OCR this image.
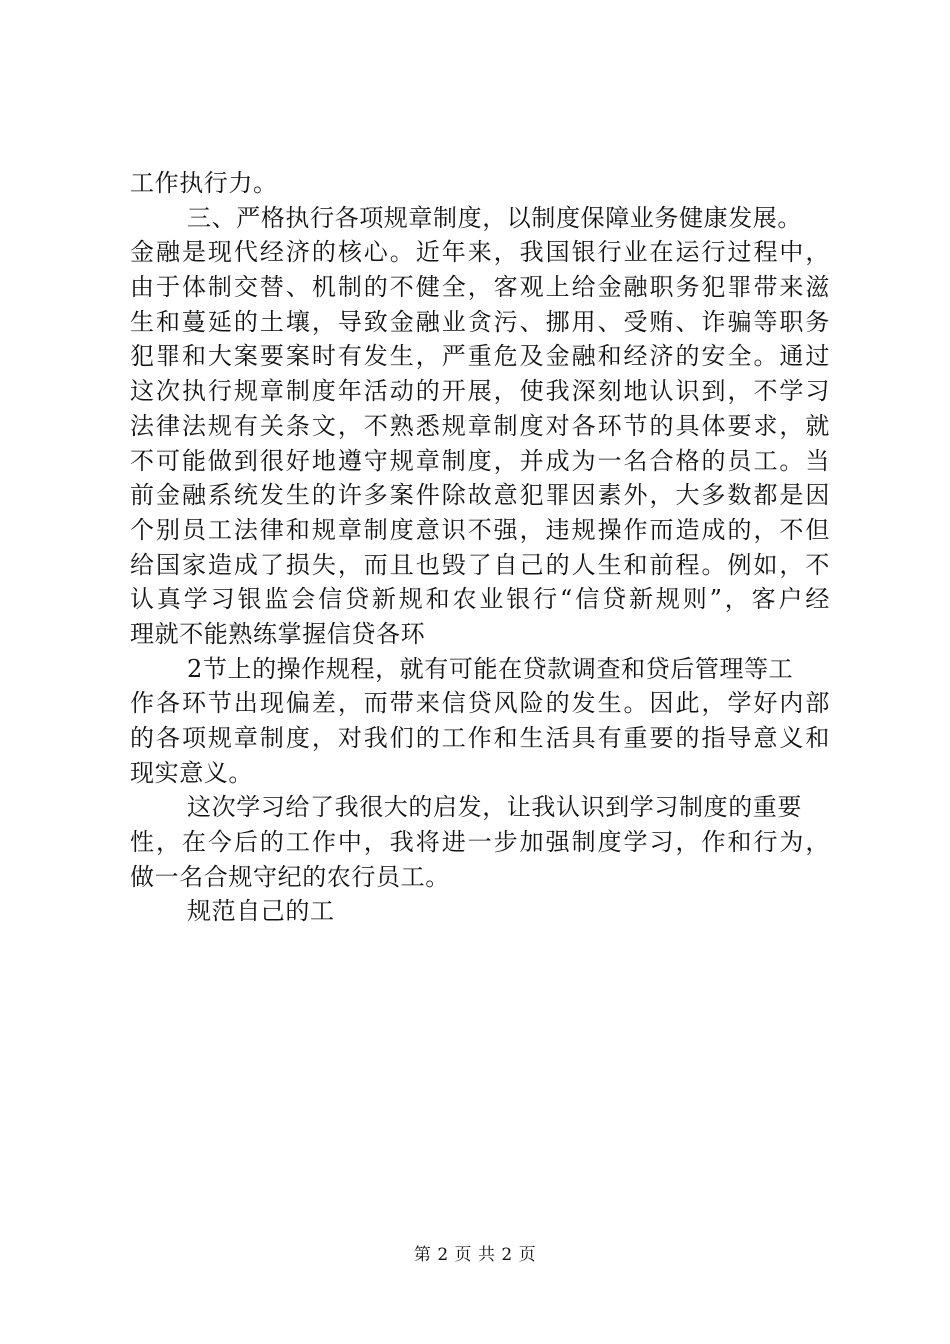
工作执行力。
三、严格执行各项规章制度，以制度保障业务健康发展。
金融是现代经济的核心。近年来，我国银行业在运行过程中，
由于体制交替、机制的不健全，客观上给金融职务犯罪带来滋
生和蔓延的土壤，导致金融业贪污、挪用、受贿、诈骗等职务
犯罪和大案要案时有发生，严重危及金融和经济的安全。通过
这次执行规章制度年活动的开展，使我深刻地认识到，不学习
法律法规有关条文，不熟悉规章制度对各环节的具体要求，就
不可能做到很好地遵守规章制度，并成为一名合格的员工。当
前金融系统发生的许多案件除故意犯罪因素外，大多数都是因
个别员工法律和规章制度意识不强，违规操作而造成的，不但
给国家造成了损失，而且也毁了自己的人生和前程。例如，不
认真学习银监会信贷新规和农业银行“信贷新规则”，客户经
理就不能熟练掌握信贷各环
2节上的操作规程，就有可能在贷款调查和贷后管理等工
作各环节出现偏差，而带来信贷风险的发生。因此，学好内部
的各项规章制度，对我们的工作和生活具有重要的指导意义和
现实意义。
这次学习给了我很大的启发，让我认识到学习制度的重要
性，在今后的工作中，我将进一步加强制度学习，作和行为，
做一名合规守纪的农行员工。
规范自己的工
第 2 页 共 2 页
